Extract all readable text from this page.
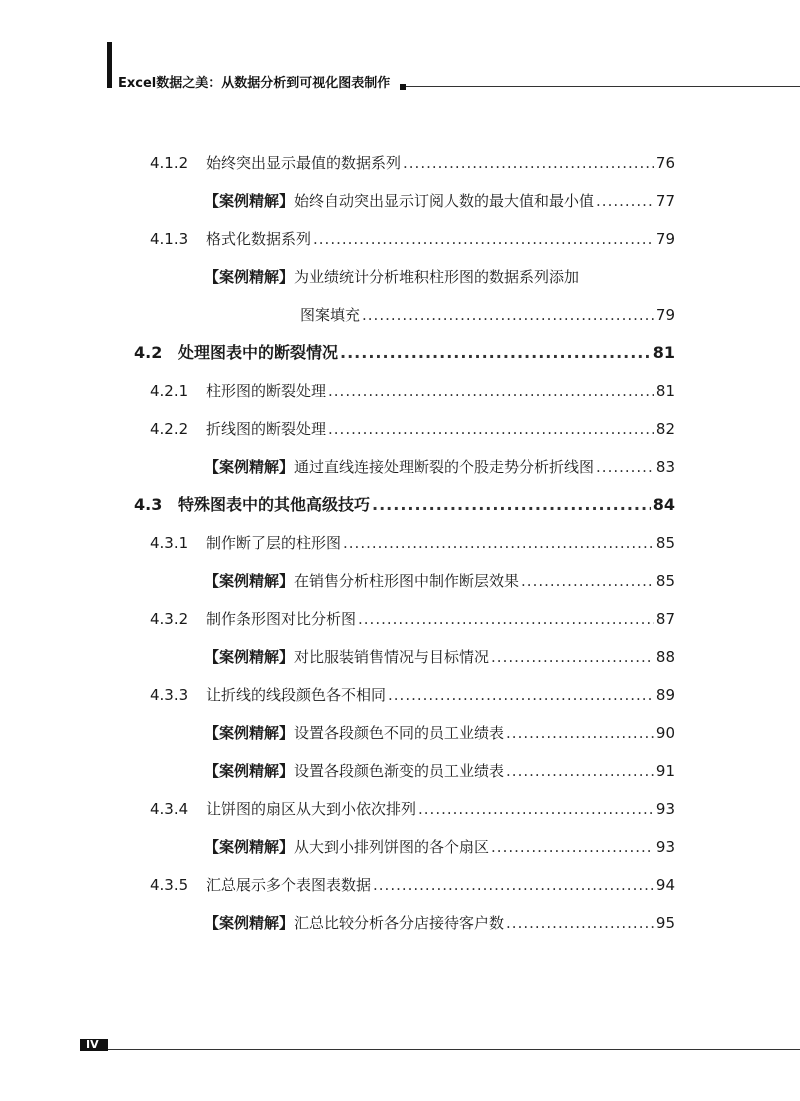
Excel数据之美：从数据分析到可视化图表制作
4.1.2	始终突出显示最值的数据系列 .....	76
【案例精解】 始终自动突出显示订阅人数的最大值和最小值 .....	77
4.1.3	格式化数据系列 .....	79
【案例精解】 为业绩统计分析堆积柱形图的数据系列添加
图案填充 .....	79
4.2 处理图表中的断裂情况 .....	81
4.2.1	柱形图的断裂处理 .....	81
4.2.2	折线图的断裂处理 .....	82
【案例精解】 通过直线连接处理断裂的个股走势分析折线图 .....	83
4.3 特殊图表中的其他高级技巧 .....	84
4.3.1	制作断了层的柱形图 .....	85
【案例精解】 在销售分析柱形图中制作断层效果 .....	85
4.3.2	制作条形图对比分析图 .....	87
【案例精解】 对比服装销售情况与目标情况 .....	88
4.3.3	让折线的线段颜色各不相同 .....	89
【案例精解】 设置各段颜色不同的员工业绩表 .....	90
【案例精解】 设置各段颜色渐变的员工业绩表 .....	91
4.3.4	让饼图的扇区从大到小依次排列 .....	93
【案例精解】 从大到小排列饼图的各个扇区 .....	93
4.3.5	汇总展示多个表图表数据 .....	94
【案例精解】 汇总比较分析各分店接待客户数 .....	95
IV
